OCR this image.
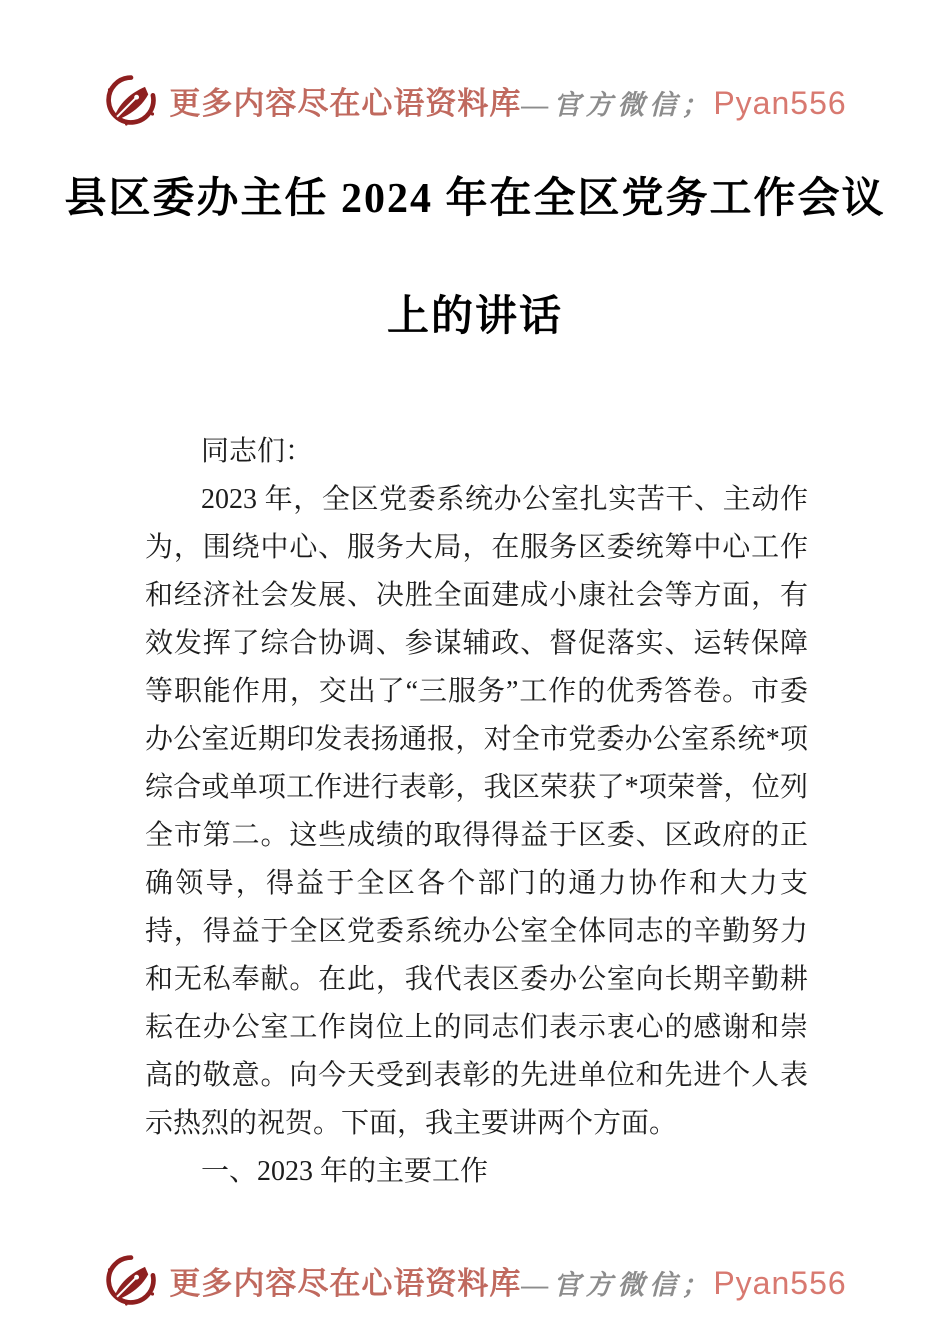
更多内容尽在心语资料库—官方微信；Pyan556
县区委办主任 2024 年在全区党务工作会议
上的讲话

同志们：

2023 年，全区党委系统办公室扎实苦干、主动作为，围绕中心、服务大局，在服务区委统筹中心工作和经济社会发展、决胜全面建成小康社会等方面，有效发挥了综合协调、参谋辅政、督促落实、运转保障等职能作用，交出了“三服务”工作的优秀答卷。市委办公室近期印发表扬通报，对全市党委办公室系统*项综合或单项工作进行表彰，我区荣获了*项荣誉，位列全市第二。这些成绩的取得得益于区委、区政府的正确领导，得益于全区各个部门的通力协作和大力支持，得益于全区党委系统办公室全体同志的辛勤努力和无私奉献。在此，我代表区委办公室向长期辛勤耕耘在办公室工作岗位上的同志们表示衷心的感谢和崇高的敬意。向今天受到表彰的先进单位和先进个人表示热烈的祝贺。下面，我主要讲两个方面。

一、2023 年的主要工作

更多内容尽在心语资料库—官方微信；Pyan556
